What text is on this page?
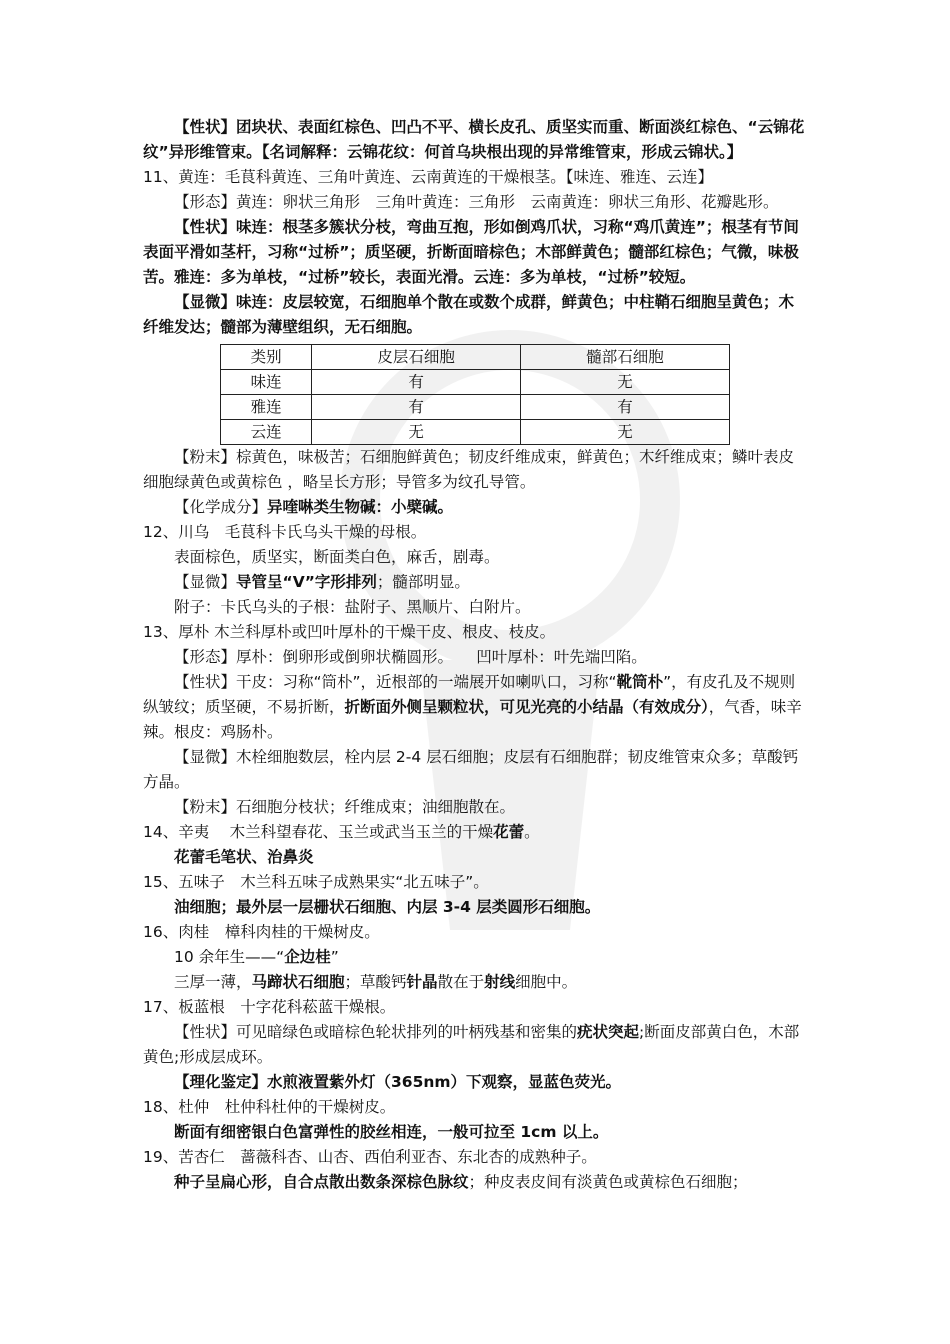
【性状】团块状、表面红棕色、凹凸不平、横长皮孔、质坚实而重、断面淡红棕色、“云锦花纹”异形维管束。【名词解释：云锦花纹：何首乌块根出现的异常维管束，形成云锦状。】

11、黄连：毛茛科黄连、三角叶黄连、云南黄连的干燥根茎。【味连、雅连、云连】

【形态】黄连：卵状三角形　三角叶黄连：三角形　云南黄连：卵状三角形、花瓣匙形。

【性状】味连：根茎多簇状分枝，弯曲互抱，形如倒鸡爪状，习称“鸡爪黄连”；根茎有节间表面平滑如茎杆，习称“过桥”；质坚硬，折断面暗棕色；木部鲜黄色；髓部红棕色；气微，味极苦。雅连：多为单枝，“过桥”较长，表面光滑。云连：多为单枝，“过桥”较短。

【显微】味连：皮层较宽，石细胞单个散在或数个成群，鲜黄色；中柱鞘石细胞呈黄色；木纤维发达；髓部为薄壁组织，无石细胞。

类别	皮层石细胞	髓部石细胞
味连	有	无
雅连	有	有
云连	无	无

【粉末】棕黄色，味极苦；石细胞鲜黄色；韧皮纤维成束，鲜黄色；木纤维成束；鳞叶表皮细胞绿黄色或黄棕色 ，略呈长方形；导管多为纹孔导管。

【化学成分】异喹啉类生物碱：小檗碱。

12、川乌　毛茛科卡氏乌头干燥的母根。

表面棕色，质坚实，断面类白色，麻舌，剧毒。

【显微】导管呈“V”字形排列；髓部明显。

附子：卡氏乌头的子根：盐附子、黑顺片、白附片。

13、厚朴 木兰科厚朴或凹叶厚朴的干燥干皮、根皮、枝皮。

【形态】厚朴：倒卵形或倒卵状椭圆形。　　凹叶厚朴：叶先端凹陷。

【性状】干皮：习称“筒朴”，近根部的一端展开如喇叭口，习称“靴筒朴”，有皮孔及不规则纵皱纹；质坚硬，不易折断，折断面外侧呈颗粒状，可见光亮的小结晶（有效成分），气香，味辛辣。根皮：鸡肠朴。

【显微】木栓细胞数层，栓内层 2-4 层石细胞；皮层有石细胞群；韧皮维管束众多；草酸钙方晶。

【粉末】石细胞分枝状；纤维成束；油细胞散在。

14、辛夷　 木兰科望春花、玉兰或武当玉兰的干燥花蕾。

花蕾毛笔状、治鼻炎

15、五味子　木兰科五味子成熟果实“北五味子”。

油细胞；最外层一层栅状石细胞、内层 3-4 层类圆形石细胞。

16、肉桂　樟科肉桂的干燥树皮。

10 余年生——“企边桂”

三厚一薄，马蹄状石细胞；草酸钙针晶散在于射线细胞中。

17、板蓝根　十字花科菘蓝干燥根。

【性状】可见暗绿色或暗棕色轮状排列的叶柄残基和密集的疣状突起;断面皮部黄白色，木部黄色;形成层成环。

【理化鉴定】水煎液置紫外灯（365nm）下观察，显蓝色荧光。

18、杜仲　杜仲科杜仲的干燥树皮。

断面有细密银白色富弹性的胶丝相连，一般可拉至 1cm 以上。

19、苦杏仁　蔷薇科杏、山杏、西伯利亚杏、东北杏的成熟种子。

种子呈扁心形，自合点散出数条深棕色脉纹；种皮表皮间有淡黄色或黄棕色石细胞；
